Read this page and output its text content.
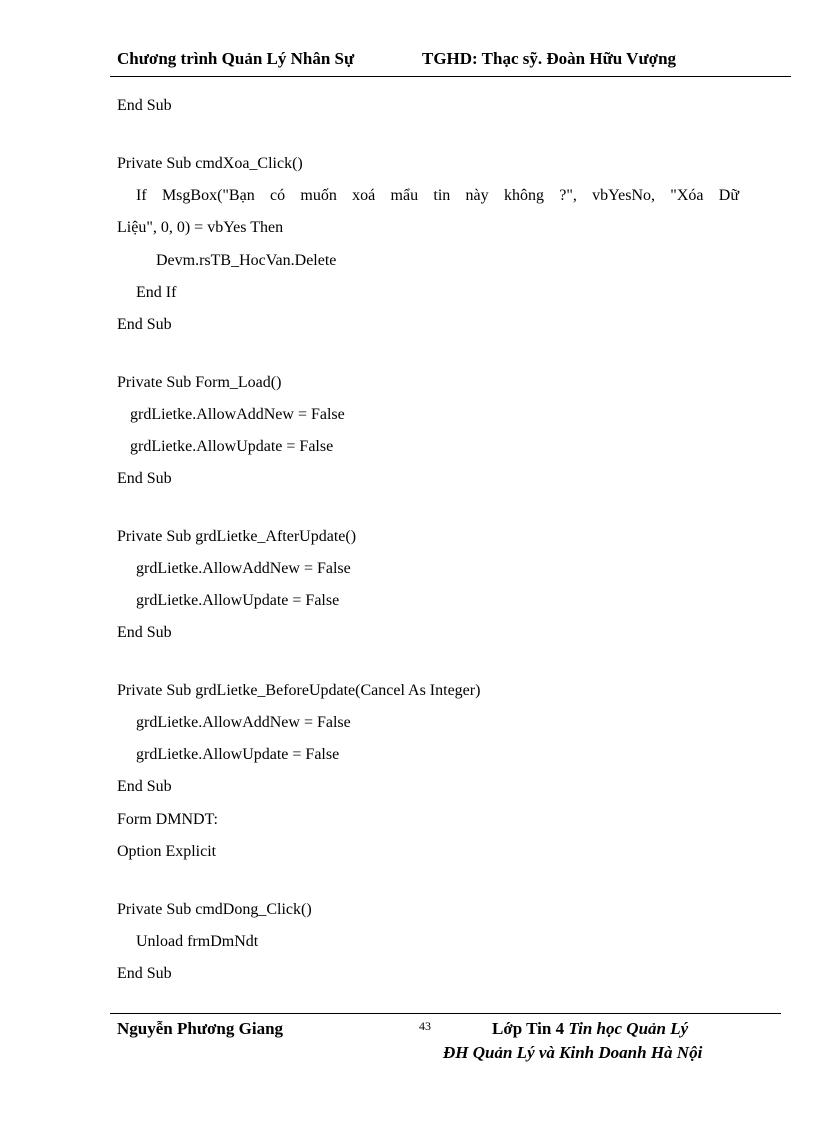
Chương trình Quản Lý Nhân Sự	TGHD: Thạc sỹ. Đoàn Hữu Vượng
End Sub
Private Sub cmdXoa_Click()
If MsgBox("Bạn có muốn xoá mẩu tin này không ?", vbYesNo, "Xóa Dữ
Liệu", 0, 0) = vbYes Then
Devm.rsTB_HocVan.Delete
End If
End Sub
Private Sub Form_Load()
grdLietke.AllowAddNew = False
grdLietke.AllowUpdate = False
End Sub
Private Sub grdLietke_AfterUpdate()
grdLietke.AllowAddNew = False
grdLietke.AllowUpdate = False
End Sub
Private Sub grdLietke_BeforeUpdate(Cancel As Integer)
grdLietke.AllowAddNew = False
grdLietke.AllowUpdate = False
End Sub
Form DMNDT:
Option Explicit
Private Sub cmdDong_Click()
Unload frmDmNdt
End Sub
Nguyễn Phương Giang	43	Lớp Tin 4 Tin học Quản Lý
ĐH Quản Lý và Kinh Doanh Hà Nội
